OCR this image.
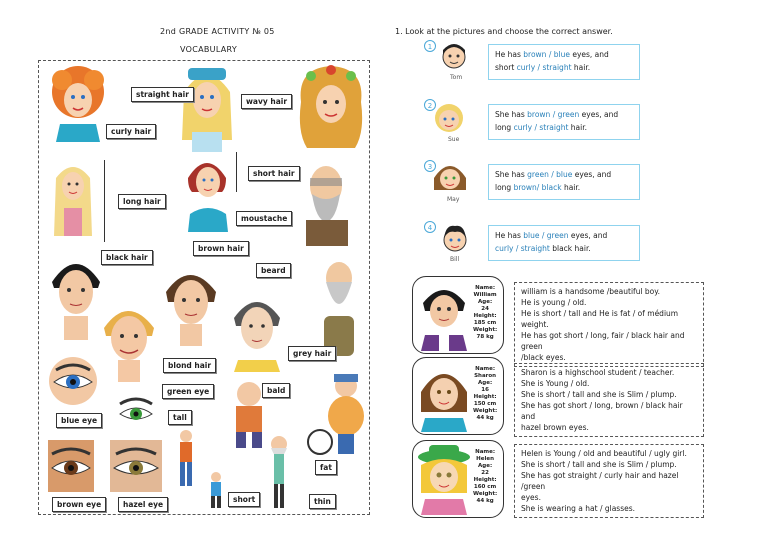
2nd GRADE ACTIVITY № 05
VOCABULARY
straight hair
curly hair
wavy hair
short hair
long hair
moustache
black hair
brown hair
beard
blond hair
grey hair
green eye	bald
blue eye	tall
fat
brown eye	hazel eye
short	thin
1. Look at the pictures and choose the correct answer.
1
Tom
He has brown / blue eyes, and
short curly / straight hair.
2
Sue
She has brown / green eyes, and
long curly / straight hair.
3
May
She has green / blue eyes, and
long brown/ black hair.
4
Bill
He has blue / green eyes, and
curly / straight black hair.
Name:
William
Age:
24
Height:
185 cm
Weight:
78 kg
william is a handsome /beautiful boy.
He is young / old.
He is short / tall and He is fat / of médium weight.
He has got short / long, fair / black hair and green
/black eyes.
Name:
Sharon
Age:
16
Height:
150 cm
Weight:
44 kg
Sharon is a highschool student / teacher.
She is Young / old.
She is short / tall and she is Slim / plump.
She has got short / long, brown / black hair and
hazel brown eyes.
Name:
Helen
Age:
22
Height:
160 cm
Weight:
44 kg
Helen is Young / old and beautiful / ugly girl.
She is short / tall and she is Slim / plump.
She has got straight / curly hair and hazel /green
eyes.
She is wearing a hat / glasses.
